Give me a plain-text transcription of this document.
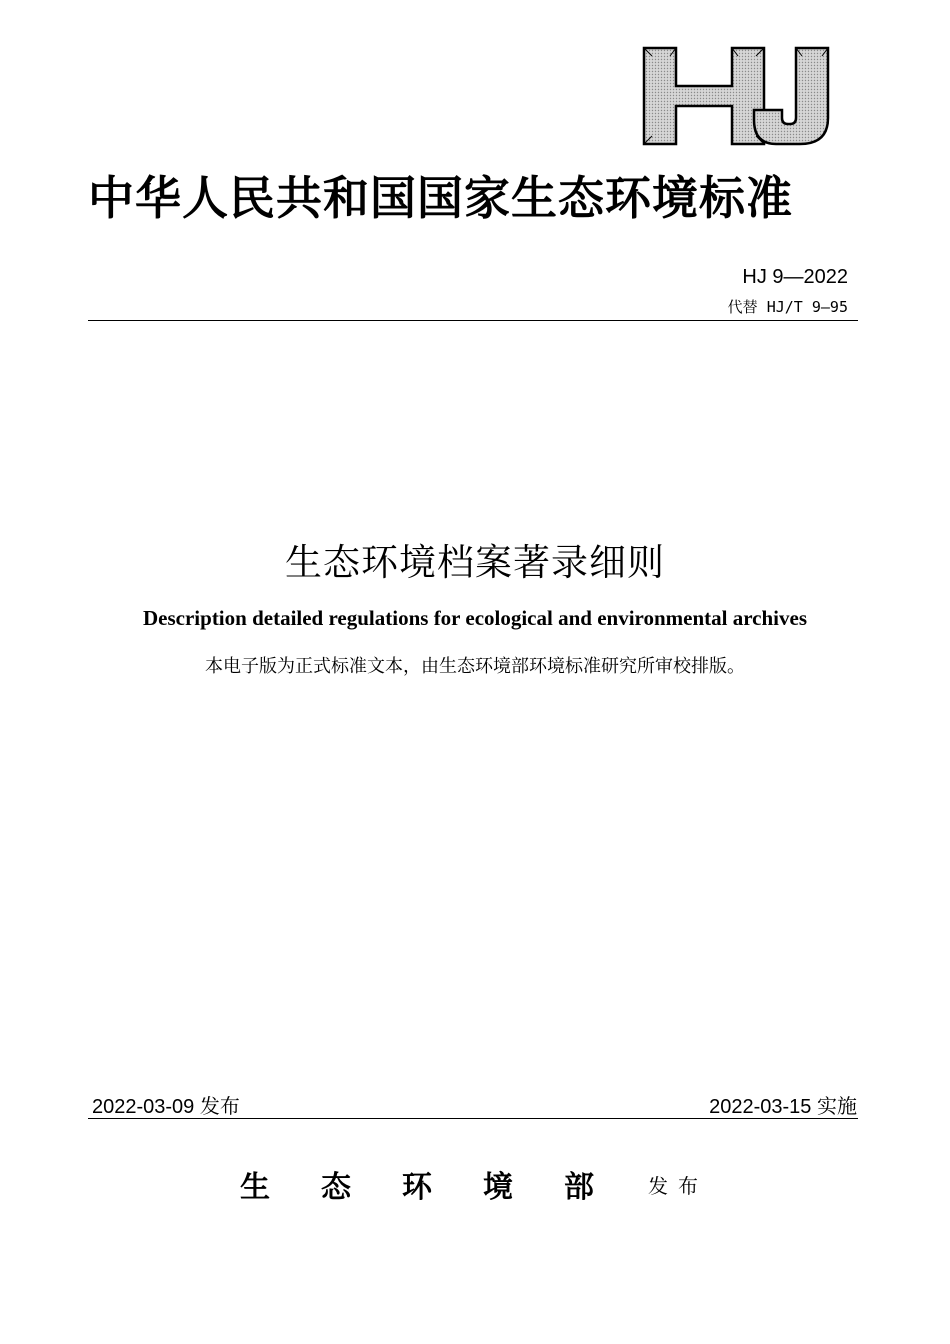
中华人民共和国国家生态环境标准
HJ 9—2022
代替 HJ/T 9—95
生态环境档案著录细则
Description detailed regulations for ecological and environmental archives
本电子版为正式标准文本，由生态环境部环境标准研究所审校排版。
2022-03-09 发布	2022-03-15 实施
生态环境部 发布
